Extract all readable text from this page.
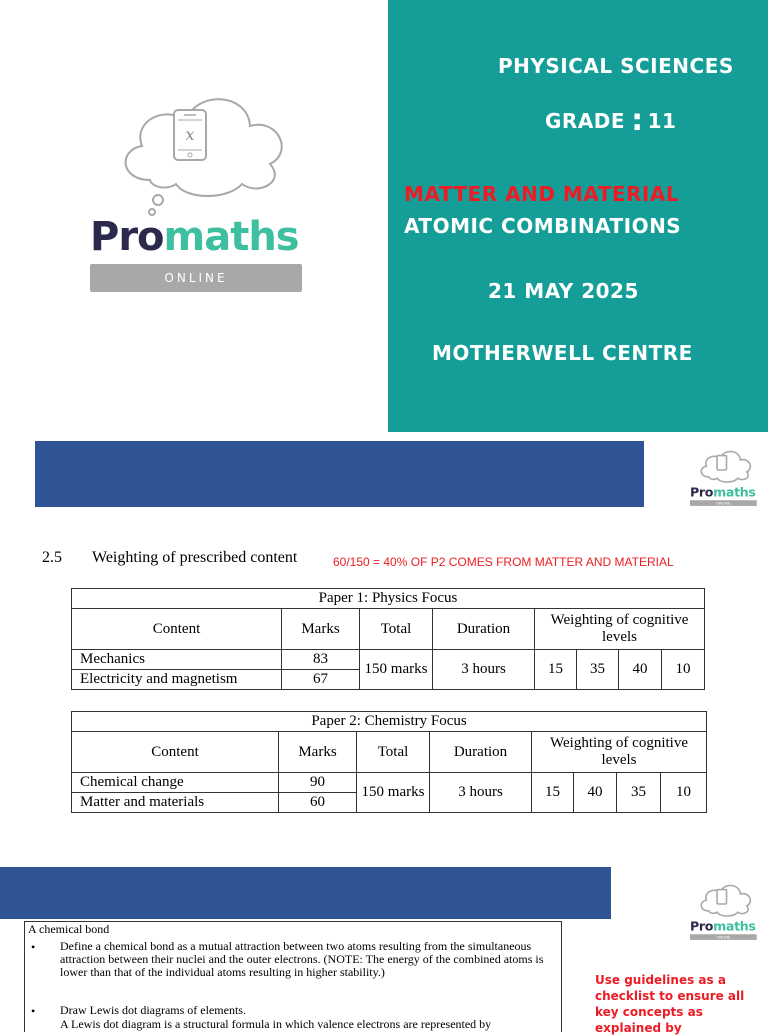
x
Promaths
ONLINE
PHYSICAL SCIENCES
GRADE : 11
MATTER AND MATERIAL
ATOMIC COMBINATIONS
21 MAY 2025
MOTHERWELL CENTRE
Promaths
ONLINE
2.5 Weighting of prescribed content	60/150 = 40% OF P2 COMES FROM MATTER AND MATERIAL
Paper 1: Physics Focus							
Content	Marks	Total	Duration	Weighting of cognitive levels			
Mechanics	83	150 marks	3 hours	15	35	40	10
Electricity and magnetism	67						
Paper 2: Chemistry Focus							
Content	Marks	Total	Duration	Weighting of cognitive levels			
Chemical change	90	150 marks	3 hours	15	40	35	10
Matter and materials	60						
Promaths
ONLINE
A chemical bond
• Define a chemical bond as a mutual attraction between two atoms resulting from the simultaneous attraction between their nuclei and the outer electrons. (NOTE: The energy of the combined atoms is lower than that of the individual atoms resulting in higher stability.)
• Draw Lewis dot diagrams of elements.
A Lewis dot diagram is a structural formula in which valence electrons are represented by
Use guidelines as a checklist to ensure all key concepts as explained by
